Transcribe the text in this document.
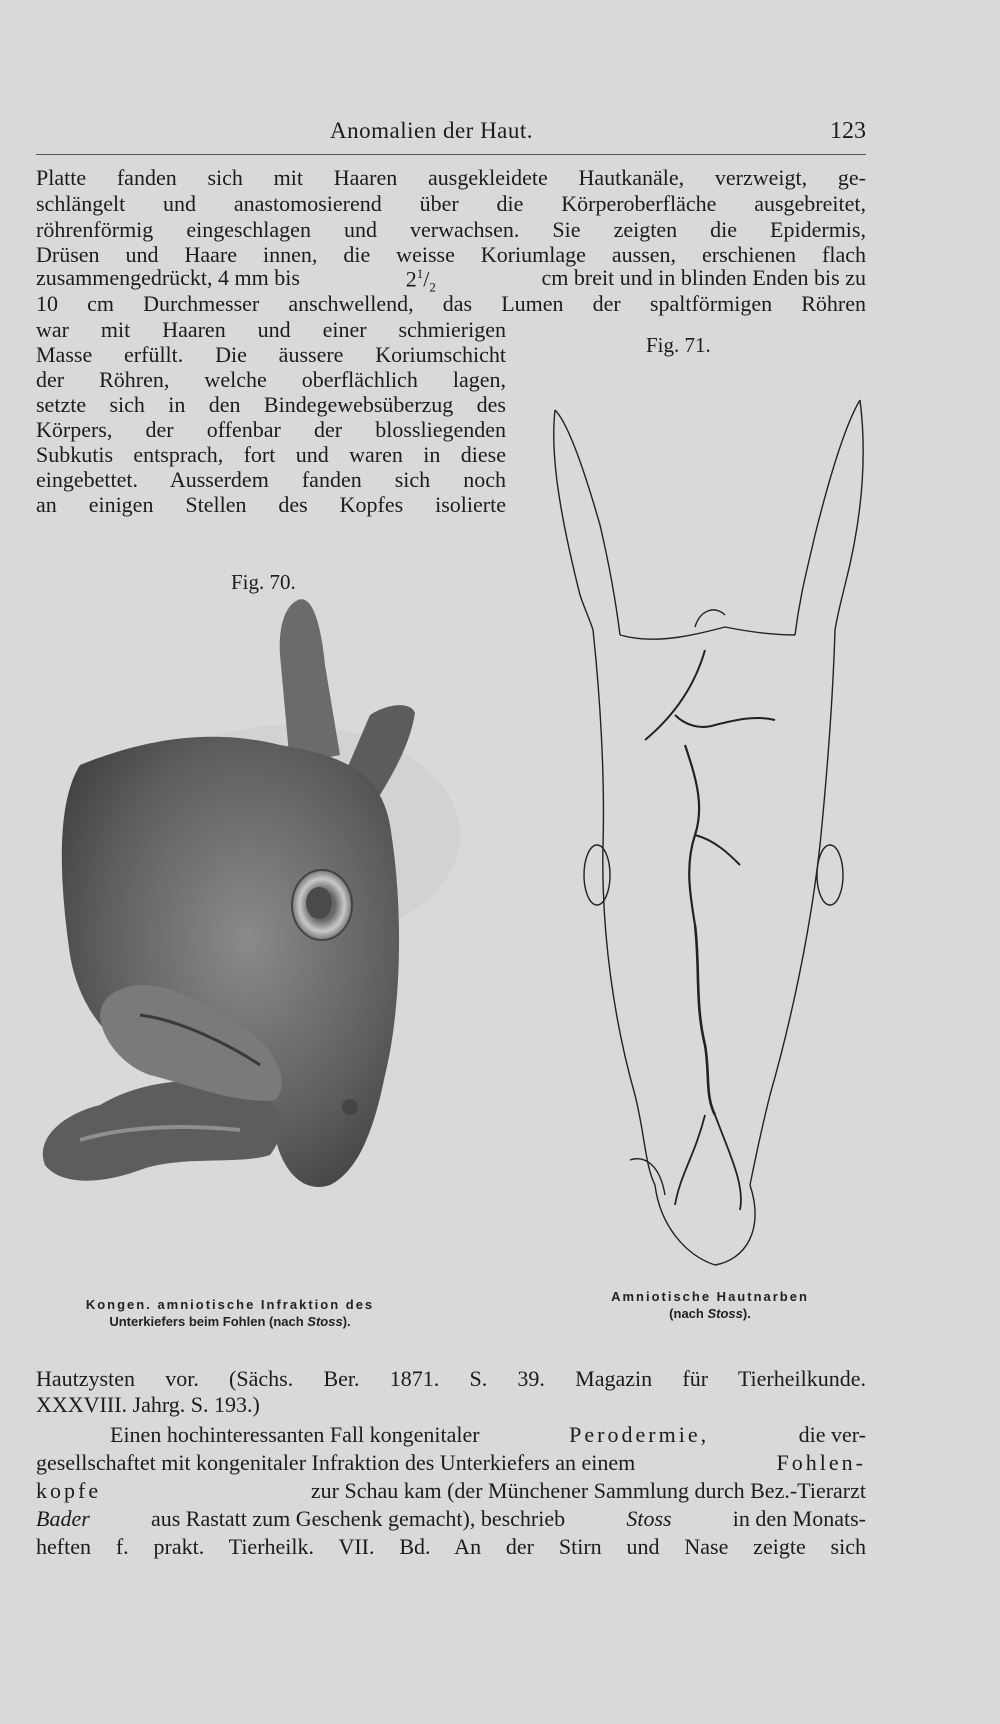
Anomalien der Haut.	123
Platte fanden sich mit Haaren ausgekleidete Hautkanäle, verzweigt, ge-
schlängelt und anastomosierend über die Körperoberfläche ausgebreitet,
röhrenförmig eingeschlagen und verwachsen. Sie zeigten die Epidermis,
Drüsen und Haare innen, die weisse Koriumlage aussen, erschienen flach
zusammengedrückt, 4 mm bis	$2^1/_2$	cm breit und in blinden Enden bis zu
10 cm Durchmesser anschwellend, das Lumen der spaltförmigen Röhren
war mit Haaren und einer schmierigen
Masse erfüllt. Die äussere Koriumschicht
der Röhren, welche oberflächlich lagen,
setzte sich in den Bindegewebsüberzug des
Körpers, der offenbar der blossliegenden
Subkutis entsprach, fort und waren in diese
eingebettet. Ausserdem fanden sich noch
an einigen Stellen des Kopfes isolierte
Fig. 71.
Fig. 70.
Kongen. amniotische Infraktion des
Unterkiefers beim Fohlen (nach Stoss).
Amniotische Hautnarben
(nach Stoss).
Hautzysten vor. (Sächs. Ber. 1871. S. 39. Magazin für Tierheilkunde.
XXXVIII. Jahrg. S. 193.)
Einen hochinteressanten Fall kongenitaler	Perodermie,	die ver-
gesellschaftet mit kongenitaler Infraktion des Unterkiefers an einem	Fohlen-
kopfe	zur Schau kam (der Münchener Sammlung durch Bez.-Tierarzt
Bader	aus Rastatt zum Geschenk gemacht), beschrieb	Stoss	in den Monats-
heften f. prakt. Tierheilk. VII. Bd. An der Stirn und Nase zeigte sich
